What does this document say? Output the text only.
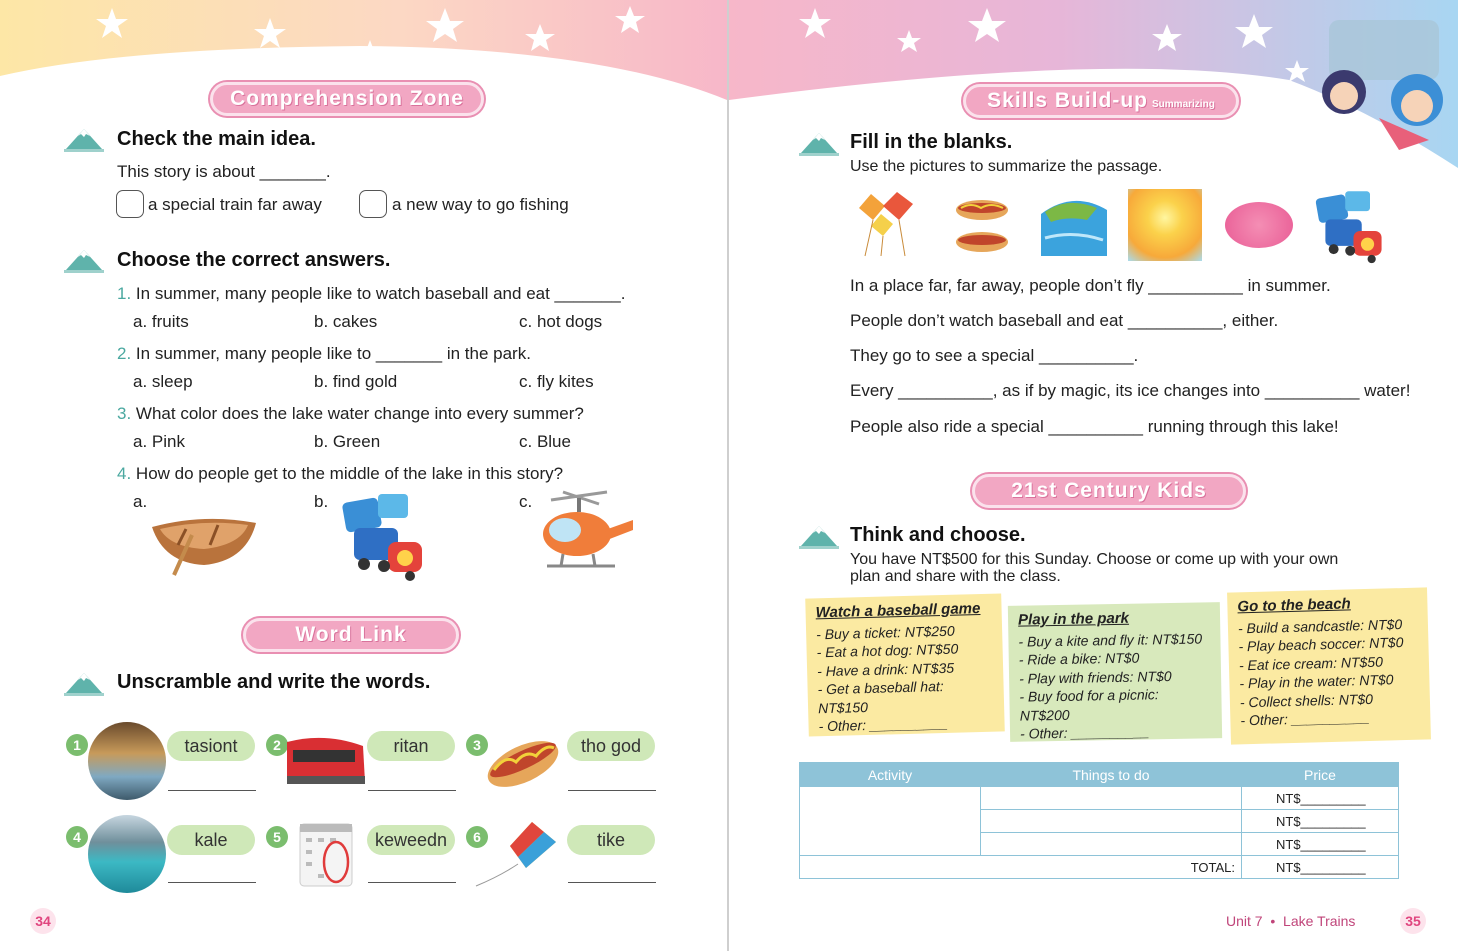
Comprehension Zone
Check the main idea.
This story is about _______.
a special train far away	a new way to go fishing
Choose the correct answers.
1. In summer, many people like to watch baseball and eat _______.
a. fruits	b. cakes	c. hot dogs
2. In summer, many people like to _______ in the park.
a. sleep	b. find gold	c. fly kites
3. What color does the lake water change into every summer?
a. Pink	b. Green	c. Blue
4. How do people get to the middle of the lake in this story?
a.	b.	c.
Word Link
Unscramble and write the words.
1	tasiont	2	ritan	3	tho god
4	kale	5	keweedn	6	tike
34
Skills Build-up Summarizing
Fill in the blanks.
Use the pictures to summarize the passage.
In a place far, far away, people don’t fly __________ in summer.
People don’t watch baseball and eat __________, either.
They go to see a special __________.
Every __________, as if by magic, its ice changes into __________ water!
People also ride a special __________ running through this lake!
21st Century Kids
Think and choose.
You have NT$500 for this Sunday. Choose or come up with your own
plan and share with the class.
Watch a baseball game
- Buy a ticket: NT$250
- Eat a hot dog: NT$50
- Have a drink: NT$35
- Get a baseball hat: NT$150
- Other: __________
Play in the park
- Buy a kite and fly it: NT$150
- Ride a bike: NT$0
- Play with friends: NT$0
- Buy food for a picnic: NT$200
- Other: __________
Go to the beach
- Build a sandcastle: NT$0
- Play beach soccer: NT$0
- Eat ice cream: NT$50
- Play in the water: NT$0
- Collect shells: NT$0
- Other: __________
Activity	Things to do	Price
		NT$_________
		NT$_________
		NT$_________
TOTAL:		NT$_________
Unit 7 • Lake Trains	35
